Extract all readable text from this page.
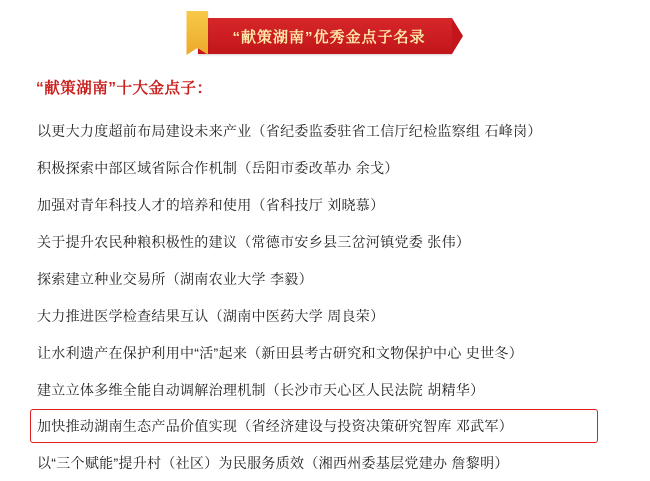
“献策湖南”优秀金点子名录
“献策湖南”十大金点子：
以更大力度超前布局建设未来产业（省纪委监委驻省工信厅纪检监察组 石峰岗）
积极探索中部区域省际合作机制（岳阳市委改革办 余戈）
加强对青年科技人才的培养和使用（省科技厅 刘晓慕）
关于提升农民种粮积极性的建议（常德市安乡县三岔河镇党委 张伟）
探索建立种业交易所（湖南农业大学 李毅）
大力推进医学检查结果互认（湖南中医药大学 周良荣）
让水利遗产在保护利用中“活”起来（新田县考古研究和文物保护中心 史世冬）
建立立体多维全能自动调解治理机制（长沙市天心区人民法院 胡精华）
加快推动湖南生态产品价值实现（省经济建设与投资决策研究智库 邓武军）
以“三个赋能”提升村（社区）为民服务质效（湘西州委基层党建办 詹黎明）
